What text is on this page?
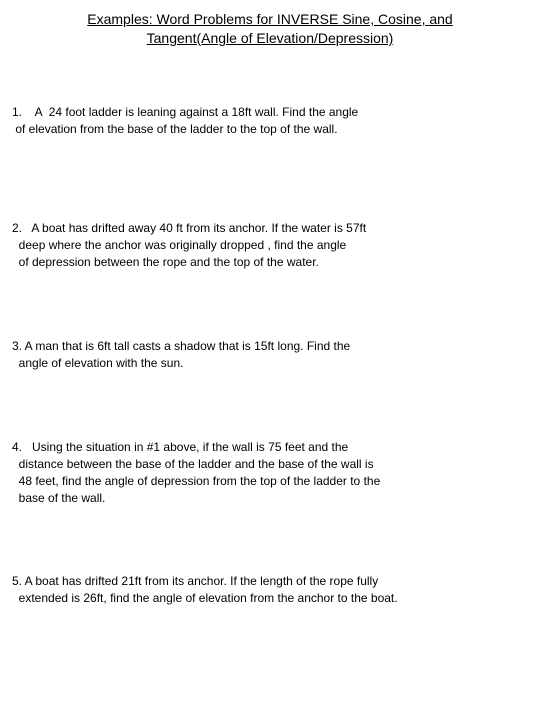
Examples: Word Problems for INVERSE Sine, Cosine, and
Tangent(Angle of Elevation/Depression)
1.    A  24 foot ladder is leaning against a 18ft wall. Find the angle
of elevation from the base of the ladder to the top of the wall.
2.   A boat has drifted away 40 ft from its anchor. If the water is 57ft
deep where the anchor was originally dropped , find the angle
of depression between the rope and the top of the water.
3. A man that is 6ft tall casts a shadow that is 15ft long. Find the
angle of elevation with the sun.
4.   Using the situation in #1 above, if the wall is 75 feet and the
distance between the base of the ladder and the base of the wall is
48 feet, find the angle of depression from the top of the ladder to the
base of the wall.
5. A boat has drifted 21ft from its anchor. If the length of the rope fully
extended is 26ft, find the angle of elevation from the anchor to the boat.
